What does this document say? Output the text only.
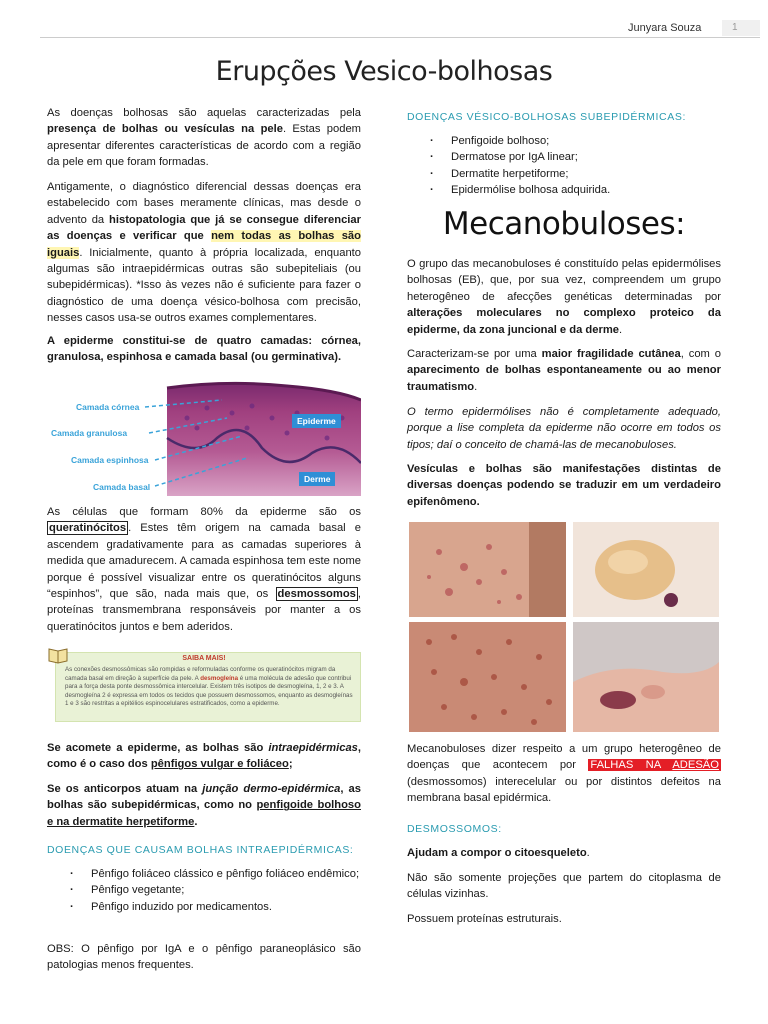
Junyara Souza	1
Erupções Vesico-bolhosas

As doenças bolhosas são aquelas caracterizadas pela presença de bolhas ou vesículas na pele. Estas podem apresentar diferentes características de acordo com a região da pele em que foram formadas.

Antigamente, o diagnóstico diferencial dessas doenças era estabelecido com bases meramente clínicas, mas desde o advento da histopatologia que já se consegue diferenciar as doenças e verificar que nem todas as bolhas são iguais. Inicialmente, quanto à própria localizada, enquanto algumas são intraepidérmicas outras são subepiteliais (ou subepidérmicas). *Isso às vezes não é suficiente para fazer o diagnóstico de uma doença vésico-bolhosa com precisão, nesses casos usa-se outros exames complementares.

A epiderme constitui-se de quatro camadas: córnea, granulosa, espinhosa e camada basal (ou germinativa).

Camada córnea
Camada granulosa
Camada espinhosa
Camada basal
Epiderme
Derme

As células que formam 80% da epiderme são os queratinócitos . Estes têm origem na camada basal e ascendem gradativamente para as camadas superiores à medida que amadurecem. A camada espinhosa tem este nome porque é possível visualizar entre os queratinócitos alguns “espinhos”, que são, nada mais que, os desmossomos , proteínas transmembrana responsáveis por manter a os queratinócitos juntos e bem aderidos.

SAIBA MAIS!
As conexões desmossômicas são rompidas e reformuladas conforme os queratinócitos migram da camada basal em direção à superfície da pele. A desmogleína é uma molécula de adesão que contribui para a força desta ponte desmossômica intercelular. Existem três isotipos de desmogleína, 1, 2 e 3. A desmogleína 2 é expressa em todos os tecidos que possuem desmossomos, enquanto as desmogleínas 1 e 3 são restritas a epitélios espinocelulares estratificados, como a epiderme.

Se acomete a epiderme, as bolhas são intraepidérmicas, como é o caso dos pênfigos vulgar e foliáceo;

Se os anticorpos atuam na junção dermo-epidérmica, as bolhas são subepidérmicas, como no penfigoide bolhoso e na dermatite herpetiforme.

DOENÇAS QUE CAUSAM BOLHAS INTRAEPIDÉRMICAS:
· Pênfigo foliáceo clássico e pênfigo foliáceo endêmico;
· Pênfigo vegetante;
· Pênfigo induzido por medicamentos.
OBS: O pênfigo por IgA e o pênfigo paraneoplásico são patologias menos frequentes.
DOENÇAS VÉSICO-BOLHOSAS SUBEPIDÉRMICAS:
· Penfigoide bolhoso;
· Dermatose por IgA linear;
· Dermatite herpetiforme;
· Epidermólise bolhosa adquirida.
Mecanobuloses:

O grupo das mecanobuloses é constituído pelas epidermólises bolhosas (EB), que, por sua vez, compreendem um grupo heterogêneo de afecções genéticas determinadas por alterações moleculares no complexo proteico da epiderme, da zona juncional e da derme.

Caracterizam-se por uma maior fragilidade cutânea, com o aparecimento de bolhas espontaneamente ou ao menor traumatismo.

O termo epidermólises não é completamente adequado, porque a lise completa da epiderme não ocorre em todos os tipos; daí o conceito de chamá-las de mecanobuloses.

Vesículas e bolhas são manifestações distintas de diversas doenças podendo se traduzir em um verdadeiro epifenômeno.

Mecanobuloses dizer respeito a um grupo heterogêneo de doenças que acontecem por FALHAS NA ADESÃO (desmossomos) interecelular ou por distintos defeitos na membrana basal epidérmica.

DESMOSSOMOS:

Ajudam a compor o citoesqueleto.

Não são somente projeções que partem do citoplasma de células vizinhas.
Possuem proteínas estruturais.
